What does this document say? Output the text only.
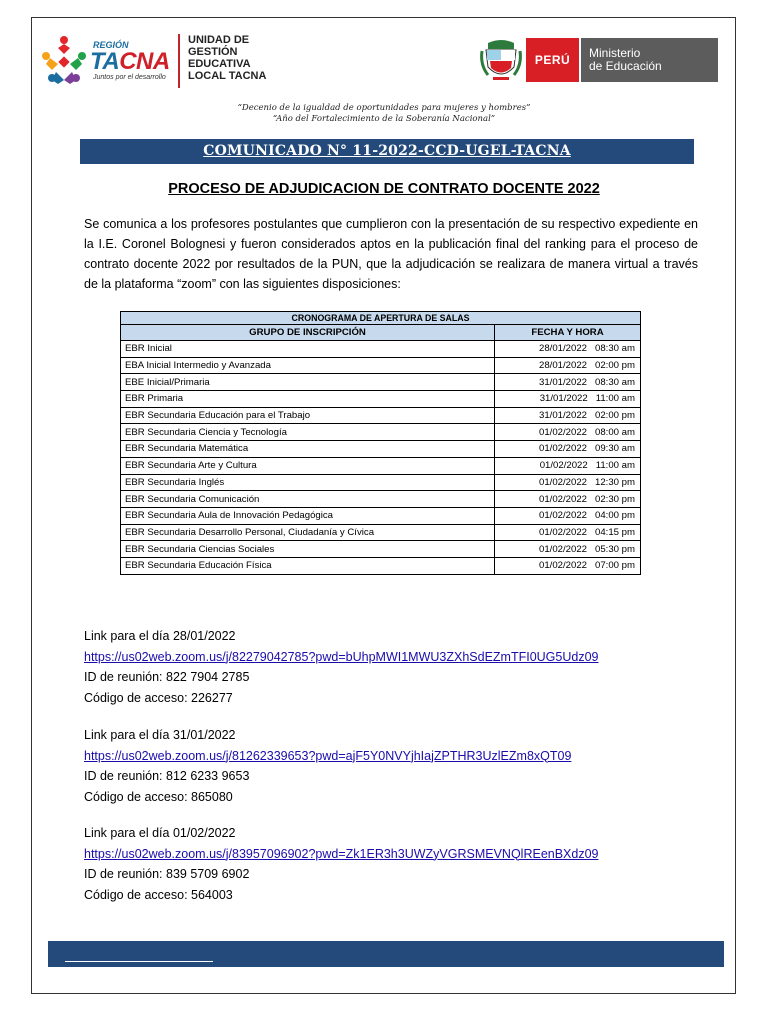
REGIÓN
TACNA
Juntos por el desarrollo
UNIDAD DE
GESTIÓN
EDUCATIVA
LOCAL TACNA
PERÚ	Ministerio
de Educación
“Decenio de la igualdad de oportunidades para mujeres y hombres”
“Año del Fortalecimiento de la Soberanía Nacional”
COMUNICADO N° 11-2022-CCD-UGEL-TACNA
PROCESO DE ADJUDICACION DE CONTRATO DOCENTE 2022
Se comunica a los profesores postulantes que cumplieron con la presentación de su respectivo expediente en la I.E. Coronel Bolognesi y fueron considerados aptos en la publicación final del ranking para el proceso de contrato docente 2022 por resultados de la PUN, que la adjudicación se realizara de manera virtual a través de la plataforma “zoom” con las siguientes disposiciones:
CRONOGRAMA DE APERTURA DE SALAS	
GRUPO DE INSCRIPCIÓN	FECHA Y HORA
EBR Inicial	28/01/2022   08:30 am
EBA Inicial Intermedio y Avanzada	28/01/2022   02:00 pm
EBE Inicial/Primaria	31/01/2022   08:30 am
EBR Primaria	31/01/2022   11:00 am
EBR Secundaria Educación para el Trabajo	31/01/2022   02:00 pm
EBR Secundaria Ciencia y Tecnología	01/02/2022   08:00 am
EBR Secundaria Matemática	01/02/2022   09:30 am
EBR Secundaria Arte y Cultura	01/02/2022   11:00 am
EBR Secundaria Inglés	01/02/2022   12:30 pm
EBR Secundaria Comunicación	01/02/2022   02:30 pm
EBR Secundaria Aula de Innovación Pedagógica	01/02/2022   04:00 pm
EBR Secundaria Desarrollo Personal, Ciudadanía y Cívica	01/02/2022   04:15 pm
EBR Secundaria Ciencias Sociales	01/02/2022   05:30 pm
EBR Secundaria Educación Física	01/02/2022   07:00 pm
Link para el día 28/01/2022
https://us02web.zoom.us/j/82279042785?pwd=bUhpMWI1MWU3ZXhSdEZmTFI0UG5Udz09
ID de reunión: 822 7904 2785
Código de acceso: 226277
Link para el día 31/01/2022
https://us02web.zoom.us/j/81262339653?pwd=ajF5Y0NVYjhIajZPTHR3UzlEZm8xQT09
ID de reunión: 812 6233 9653
Código de acceso: 865080
Link para el día 01/02/2022
https://us02web.zoom.us/j/83957096902?pwd=Zk1ER3h3UWZyVGRSMEVNQlREenBXdz09
ID de reunión: 839 5709 6902
Código de acceso: 564003
